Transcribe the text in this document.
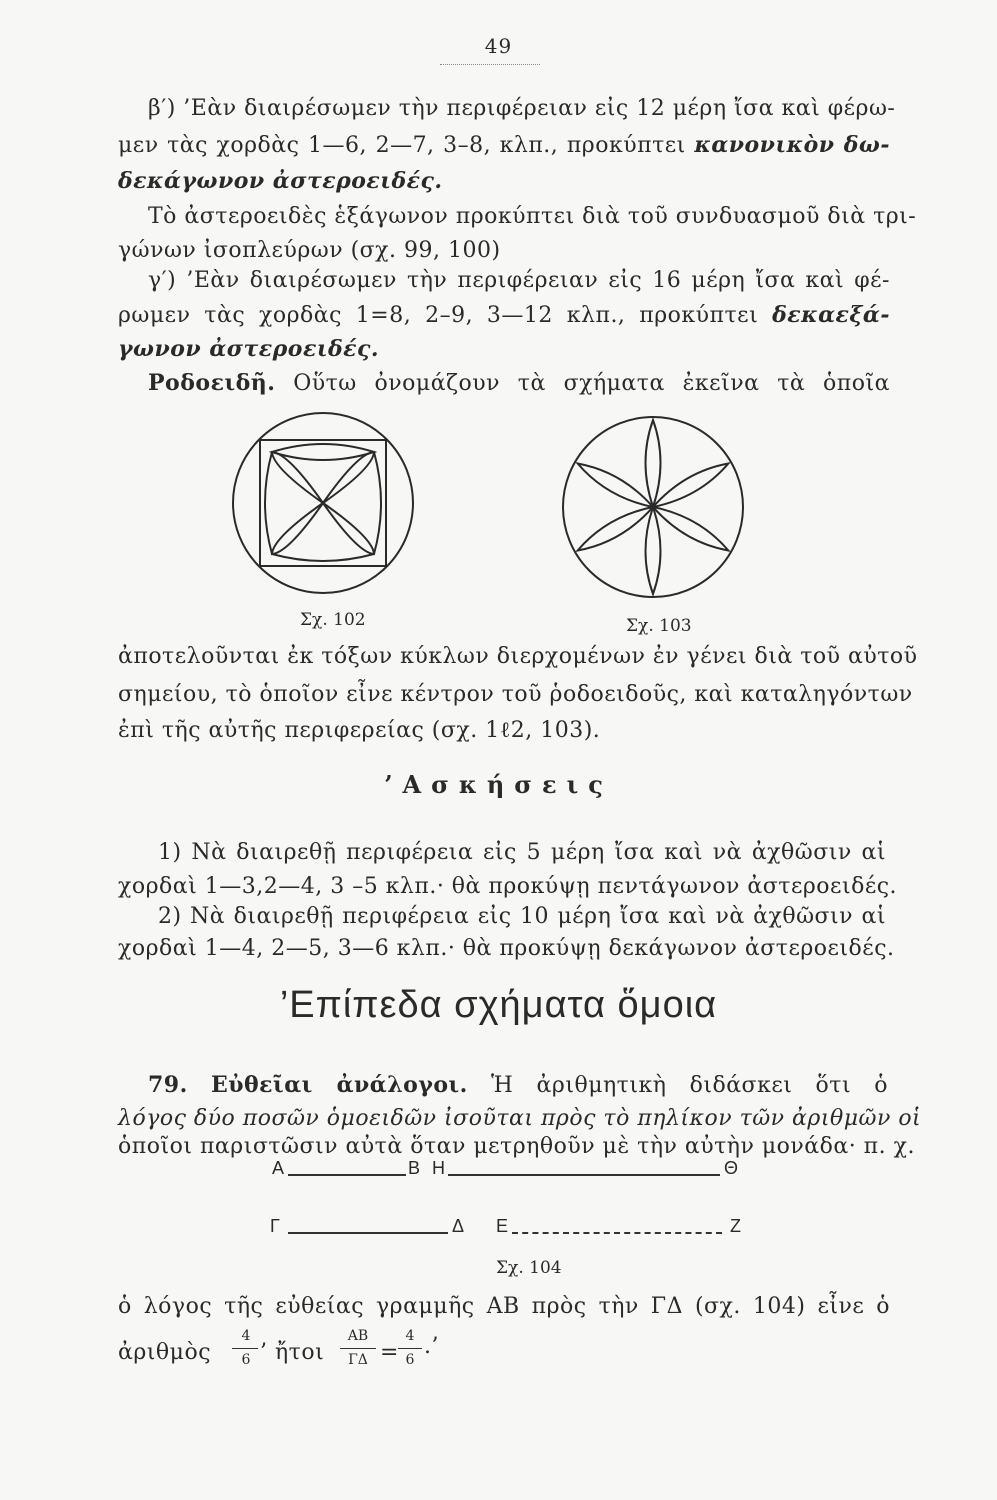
49
β′) ’Εὰν διαιρέσωμεν τὴν περιφέρειαν εἰς 12 μέρη ἴσα καὶ φέρω-
μεν τὰς χορδὰς 1—6, 2—7, 3–8, κλπ., προκύπτει κανονικὸν δω-
δεκάγωνον ἀστεροειδές.
Τὸ ἀστεροειδὲς ἑξάγωνον προκύπτει διὰ τοῦ συνδυασμοῦ διὰ τρι-
γώνων ἰσοπλεύρων (σχ. 99, 100)
γ′) ’Εὰν διαιρέσωμεν τὴν περιφέρειαν εἰς 16 μέρη ἴσα καὶ φέ-
ρωμεν τὰς χορδὰς 1=8, 2–9, 3—12 κλπ., προκύπτει δεκαεξά-
γωνον ἀστεροειδές.
Ροδοειδῆ. Οὕτω ὀνομάζουν τὰ σχήματα ἐκεῖνα τὰ ὁποῖα
Σχ. 102	Σχ. 103
ἀποτελοῦνται ἐκ τόξων κύκλων διερχομένων ἐν γένει διὰ τοῦ αὐτοῦ
σημείου, τὸ ὁποῖον εἶνε κέντρον τοῦ ῥοδοειδοῦς, καὶ καταληγόντων
ἐπὶ τῆς αὐτῆς περιφερείας (σχ. 1ℓ2, 103).
’Ασκήσεις
1) Νὰ διαιρεθῇ περιφέρεια εἰς 5 μέρη ἴσα καὶ νὰ ἀχθῶσιν αἱ
χορδαὶ 1—3,2—4, 3 –5 κλπ.· θὰ προκύψῃ πεντάγωνον ἀστεροειδές.
2) Νὰ διαιρεθῇ περιφέρεια εἰς 10 μέρη ἴσα καὶ νὰ ἀχθῶσιν αἱ
χορδαὶ 1—4, 2—5, 3—6 κλπ.· θὰ προκύψῃ δεκάγωνον ἀστεροειδές.
’Επίπεδα σχήματα ὅμοια
79. Εὐθεῖαι ἀνάλογοι. Ἡ ἀριθμητικὴ διδάσκει ὅτι ὁ
λόγος δύο ποσῶν ὁμοειδῶν ἰσοῦται πρὸς τὸ πηλίκον τῶν ἀριθμῶν οἱ
ὁποῖοι παριστῶσιν αὐτὰ ὅταν μετρηθοῦν μὲ τὴν αὐτὴν μονάδα· π. χ.
A	B H	Θ
Γ	Δ E	Z
Σχ. 104
ὁ λόγος τῆς εὐθείας γραμμῆς AB πρὸς τὴν ΓΔ (σχ. 104) εἶνε ὁ
ἀριθμὸς
4
6 ’ ἤτοι
AB
ΓΔ =
4
6
.’
